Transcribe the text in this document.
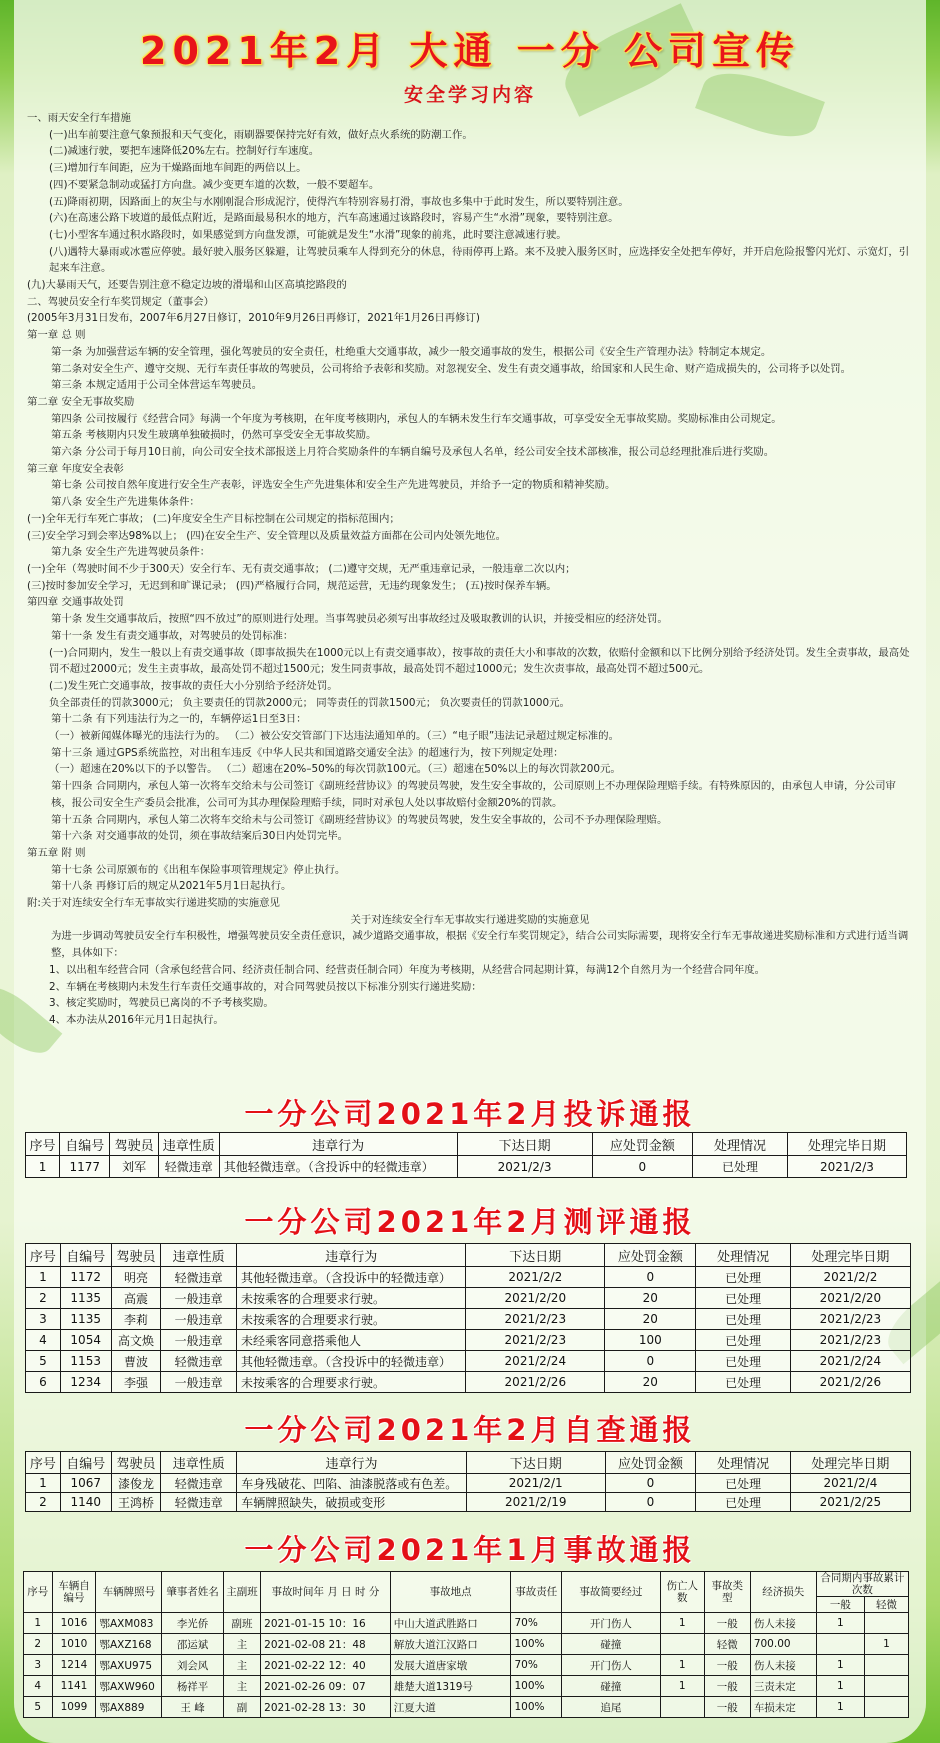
2021年2月 大通 一分 公司宣传
安全学习内容
一、雨天安全行车措施
(一)出车前要注意气象预报和天气变化，雨刷器要保持完好有效，做好点火系统的防潮工作。
(二)减速行驶，要把车速降低20%左右。控制好行车速度。
(三)增加行车间距，应为干燥路面地车间距的两倍以上。
(四)不要紧急制动或猛打方向盘。减少变更车道的次数，一般不要超车。
(五)降雨初期，因路面上的灰尘与水刚刚混合形成泥泞，使得汽车特别容易打滑，事故也多集中于此时发生，所以要特别注意。
(六)在高速公路下坡道的最低点附近，是路面最易积水的地方，汽车高速通过该路段时，容易产生“水滑”现象，要特别注意。
(七)小型客车通过积水路段时，如果感觉到方向盘发漂，可能就是发生“水滑”现象的前兆，此时要注意减速行驶。
(八)遇特大暴雨或冰雹应停驶。最好驶入服务区躲避，让驾驶员乘车人得到充分的休息，待雨停再上路。来不及驶入服务区时，应选择安全处把车停好，并开启危险报警闪光灯、示宽灯，引起来车注意。
(九)大暴雨天气，还要告别注意不稳定边坡的滑塌和山区高填挖路段的
二、驾驶员安全行车奖罚规定（董事会）
(2005年3月31日发布，2007年6月27日修订，2010年9月26日再修订，2021年1月26日再修订)
第一章 总 则
第一条 为加强营运车辆的安全管理，强化驾驶员的安全责任，杜绝重大交通事故，减少一般交通事故的发生，根据公司《安全生产管理办法》特制定本规定。
第二条对安全生产、遵守交规、无行车责任事故的驾驶员，公司将给予表彰和奖励。对忽视安全、发生有责交通事故，给国家和人民生命、财产造成损失的，公司将予以处罚。
第三条 本规定适用于公司全体营运车驾驶员。
第二章 安全无事故奖励
第四条 公司按履行《经营合同》每满一个年度为考核期，在年度考核期内，承包人的车辆未发生行车交通事故，可享受安全无事故奖励。奖励标准由公司规定。
第五条 考核期内只发生玻璃单独破损时，仍然可享受安全无事故奖励。
第六条 分公司于每月10日前，向公司安全技术部报送上月符合奖励条件的车辆自编号及承包人名单，经公司安全技术部核准，报公司总经理批准后进行奖励。
第三章 年度安全表彰
第七条 公司按自然年度进行安全生产表彰，评选安全生产先进集体和安全生产先进驾驶员，并给予一定的物质和精神奖励。
第八条 安全生产先进集体条件：
(一)全年无行车死亡事故； (二)年度安全生产目标控制在公司规定的指标范围内；
(三)安全学习到会率达98%以上； (四)在安全生产、安全管理以及质量效益方面都在公司内处领先地位。
第九条 安全生产先进驾驶员条件：
(一)全年（驾驶时间不少于300天）安全行车、无有责交通事故； (二)遵守交规，无严重违章记录，一般违章二次以内；
(三)按时参加安全学习，无迟到和旷课记录； (四)严格履行合同，规范运营，无违约现象发生； (五)按时保养车辆。
第四章 交通事故处罚
第十条 发生交通事故后，按照“四不放过”的原则进行处理。当事驾驶员必须写出事故经过及吸取教训的认识，并接受相应的经济处罚。
第十一条 发生有责交通事故，对驾驶员的处罚标准：
(一)合同期内，发生一般以上有责交通事故（即事故损失在1000元以上有责交通事故），按事故的责任大小和事故的次数，依赔付金额和以下比例分别给予经济处罚。发生全责事故，最高处罚不超过2000元；发生主责事故，最高处罚不超过1500元；发生同责事故，最高处罚不超过1000元；发生次责事故，最高处罚不超过500元。
(二)发生死亡交通事故，按事故的责任大小分别给予经济处罚。
负全部责任的罚款3000元； 负主要责任的罚款2000元； 同等责任的罚款1500元； 负次要责任的罚款1000元。
第十二条 有下列违法行为之一的，车辆停运1日至3日：
（一）被新闻媒体曝光的违法行为的。 （二）被公安交管部门下达违法通知单的。（三）“电子眼”违法记录超过规定标准的。
第十三条 通过GPS系统监控，对出租车违反《中华人民共和国道路交通安全法》的超速行为，按下列规定处理：
（一）超速在20%以下的予以警告。 （二）超速在20%–50%的每次罚款100元。（三）超速在50%以上的每次罚款200元。
第十四条 合同期内，承包人第一次将车交给未与公司签订《副班经营协议》的驾驶员驾驶，发生安全事故的，公司原则上不办理保险理赔手续。有特殊原因的，由承包人申请，分公司审核，报公司安全生产委员会批准，公司可为其办理保险理赔手续，同时对承包人处以事故赔付金额20%的罚款。
第十五条 合同期内，承包人第二次将车交给未与公司签订《副班经营协议》的驾驶员驾驶，发生安全事故的，公司不予办理保险理赔。
第十六条 对交通事故的处罚，须在事故结案后30日内处罚完毕。
第五章 附 则
第十七条 公司原颁布的《出租车保险事项管理规定》停止执行。
第十八条 再修订后的规定从2021年5月1日起执行。
附:关于对连续安全行车无事故实行递进奖励的实施意见
关于对连续安全行车无事故实行递进奖励的实施意见
为进一步调动驾驶员安全行车积极性，增强驾驶员安全责任意识，减少道路交通事故，根据《安全行车奖罚规定》，结合公司实际需要，现将安全行车无事故递进奖励标准和方式进行适当调整，具体如下：
1、以出租车经营合同（含承包经营合同、经济责任制合同、经营责任制合同）年度为考核期，从经营合同起期计算，每满12个自然月为一个经营合同年度。
2、车辆在考核期内未发生行车责任交通事故的，对合同驾驶员按以下标准分别实行递进奖励：
3、核定奖励时，驾驶员已离岗的不予考核奖励。
4、本办法从2016年元月1日起执行。
一分公司2021年2月投诉通报
序号	自编号	驾驶员	违章性质	违章行为	下达日期	应处罚金额	处理情况	处理完毕日期
1	1177	刘军	轻微违章	其他轻微违章。（含投诉中的轻微违章）	2021/2/3	0	已处理	2021/2/3
一分公司2021年2月测评通报
序号	自编号	驾驶员	违章性质	违章行为	下达日期	应处罚金额	处理情况	处理完毕日期
1	1172	明亮	轻微违章	其他轻微违章。（含投诉中的轻微违章）	2021/2/2	0	已处理	2021/2/2
2	1135	高震	一般违章	未按乘客的合理要求行驶。	2021/2/20	20	已处理	2021/2/20
3	1135	李莉	一般违章	未按乘客的合理要求行驶。	2021/2/23	20	已处理	2021/2/23
4	1054	高文焕	一般违章	未经乘客同意搭乘他人	2021/2/23	100	已处理	2021/2/23
5	1153	曹波	轻微违章	其他轻微违章。（含投诉中的轻微违章）	2021/2/24	0	已处理	2021/2/24
6	1234	李强	一般违章	未按乘客的合理要求行驶。	2021/2/26	20	已处理	2021/2/26
一分公司2021年2月自查通报
序号	自编号	驾驶员	违章性质	违章行为	下达日期	应处罚金额	处理情况	处理完毕日期
1	1067	漆俊龙	轻微违章	车身残破花、凹陷、油漆脱落或有色差。	2021/2/1	0	已处理	2021/2/4
2	1140	王鸿桥	轻微违章	车辆牌照缺失，破损或变形	2021/2/19	0	已处理	2021/2/25
一分公司2021年1月事故通报
序号	车辆自编号	车辆牌照号	肇事者姓名	主副班	事故时间年 月 日 时 分	事故地点	事故责任	事故简要经过	伤亡人数	事故类型	经济损失	合同期内事故累计次数	
												一般	轻微
1	1016	鄂AXM083	李光侨	副班	2021-01-15 10：16	中山大道武胜路口	70%	开门伤人	1	一般	伤人未接	1	
2	1010	鄂AXZ168	邵运斌	主	2021-02-08 21：48	解放大道江汉路口	100%	碰撞		轻微	700.00		1
3	1214	鄂AXU975	刘会风	主	2021-02-22 12：40	发展大道唐家墩	70%	开门伤人	1	一般	伤人未接	1	
4	1141	鄂AXW960	杨祥平	主	2021-02-26 09：07	雄楚大道1319号	100%	碰撞	1	一般	三责未定	1	
5	1099	鄂AX889	王 峰	副	2021-02-28 13：30	江夏大道	100%	追尾		一般	车损未定	1	
